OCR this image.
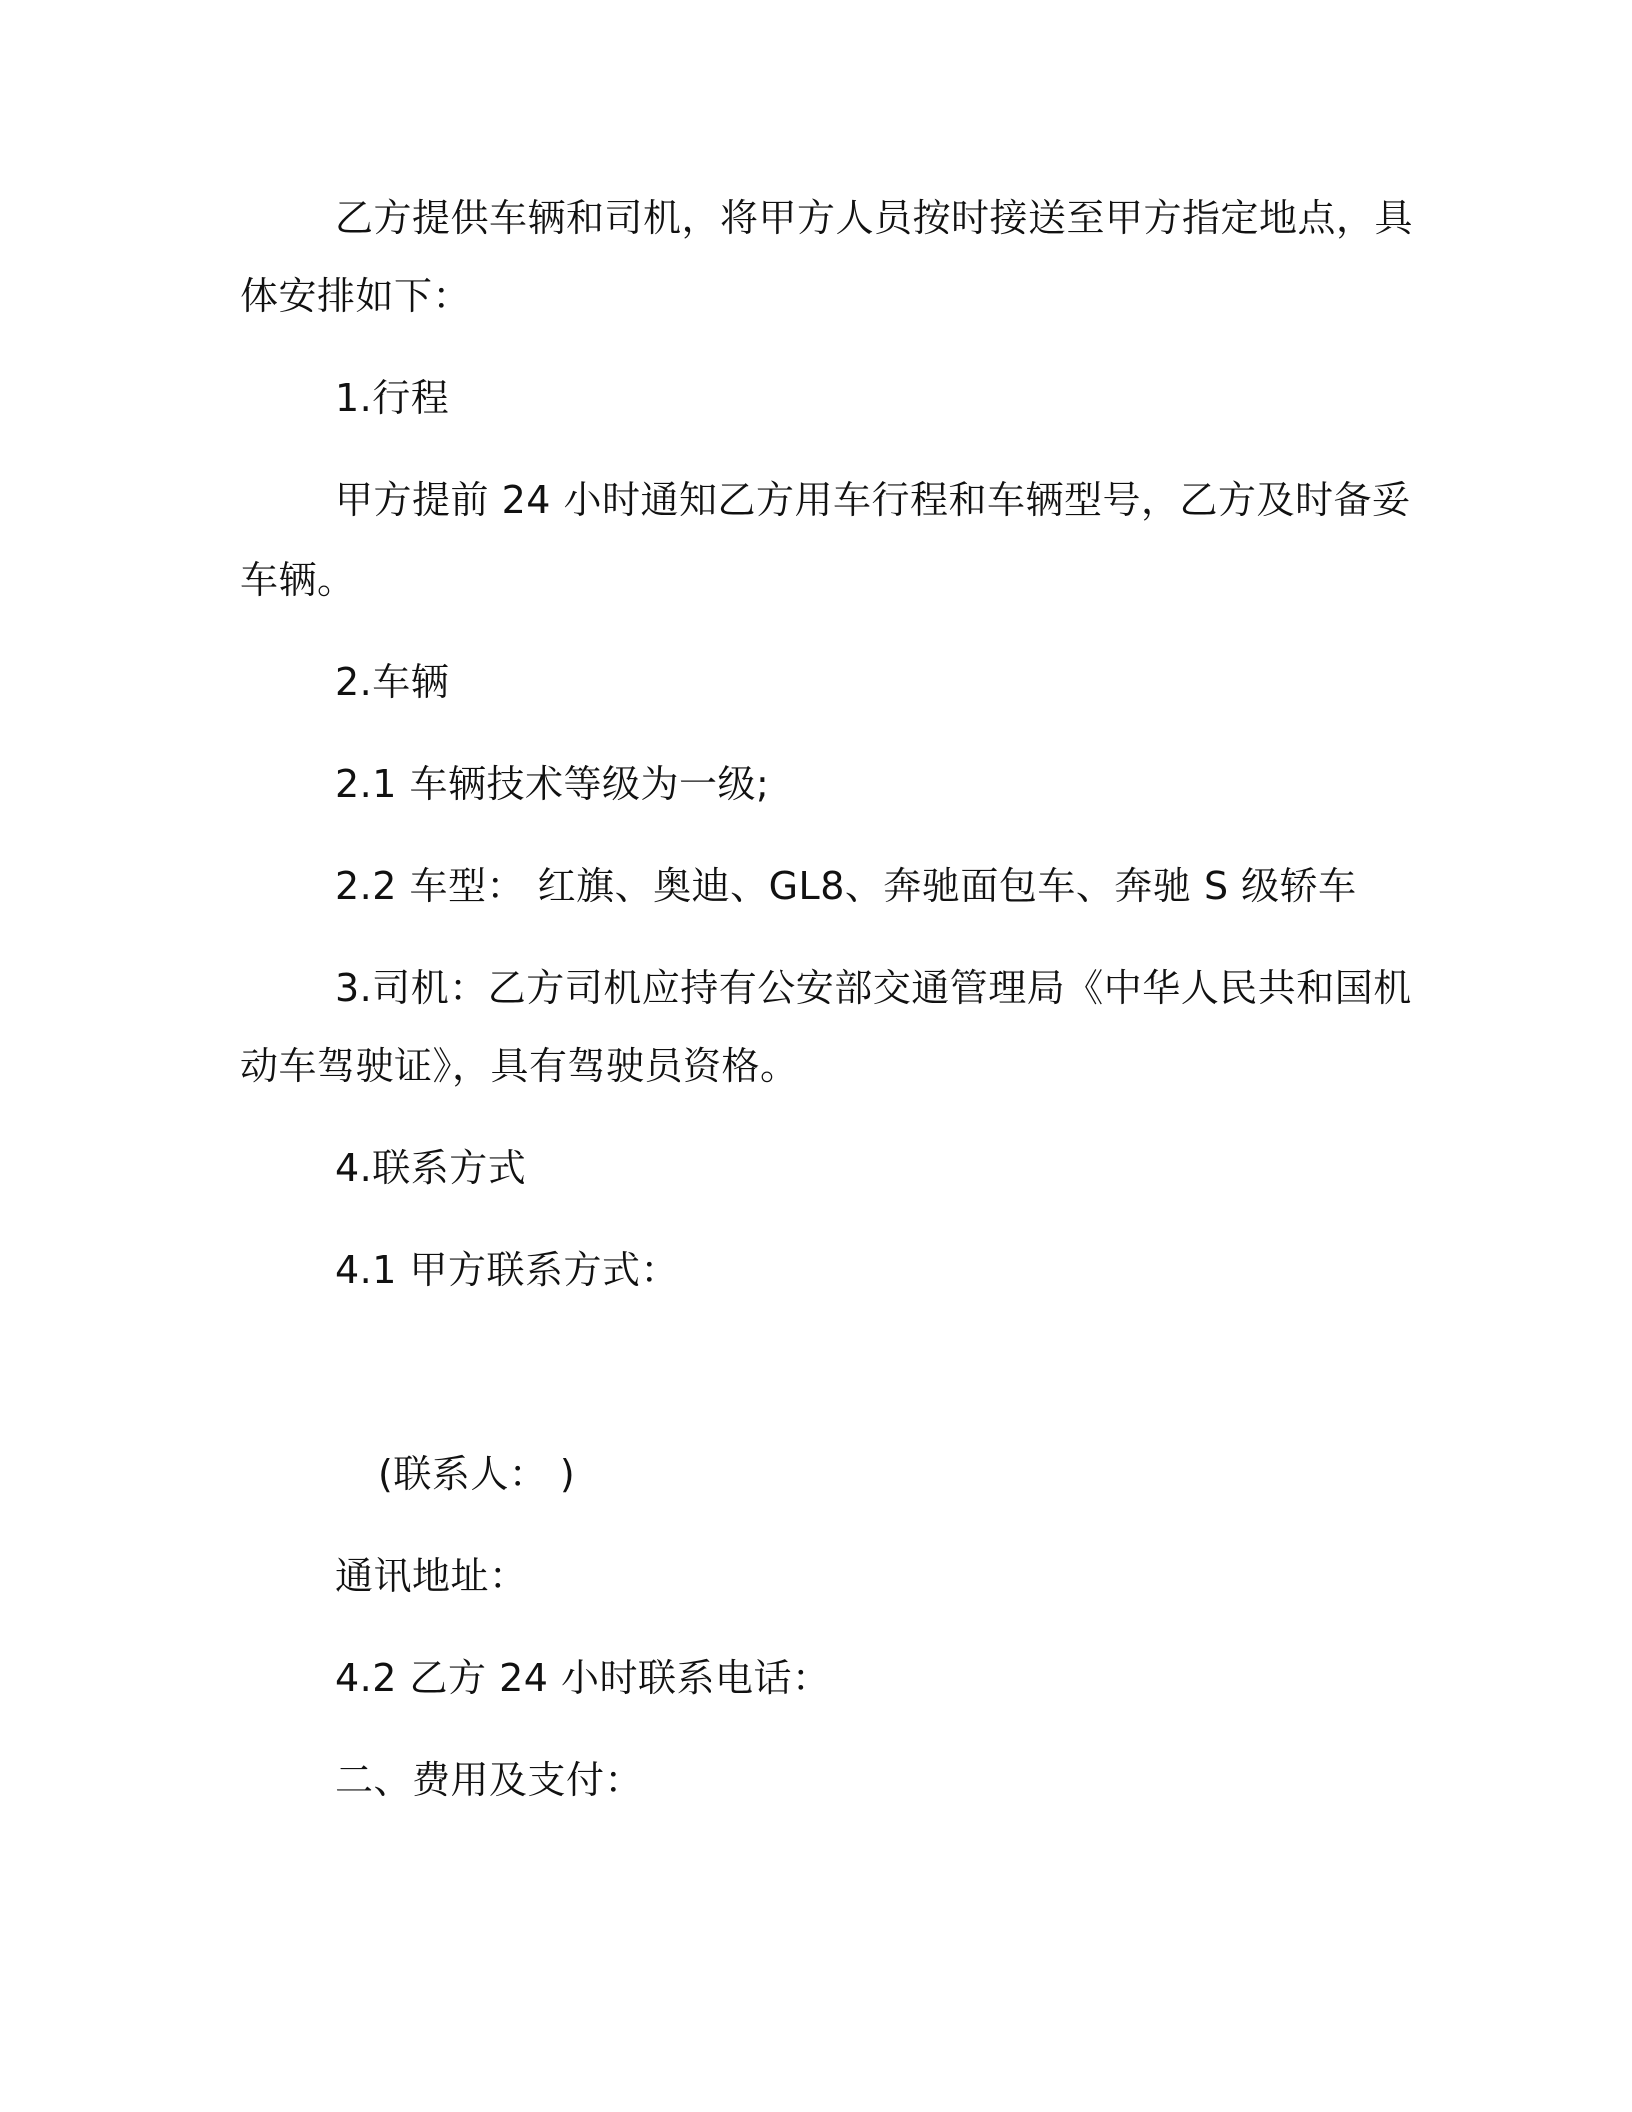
乙方提供车辆和司机，将甲方人员按时接送至甲方指定地点，具
体安排如下：
1.行程
甲方提前 24 小时通知乙方用车行程和车辆型号，乙方及时备妥
车辆。
2.车辆
2.1 车辆技术等级为一级;
2.2 车型： 红旗、奥迪、GL8、奔驰面包车、奔驰 S 级轿车
3.司机：乙方司机应持有公安部交通管理局《中华人民共和国机
动车驾驶证》，具有驾驶员资格。
4.联系方式
4.1 甲方联系方式：
(联系人： )
通讯地址：
4.2 乙方 24 小时联系电话：
二、费用及支付：
